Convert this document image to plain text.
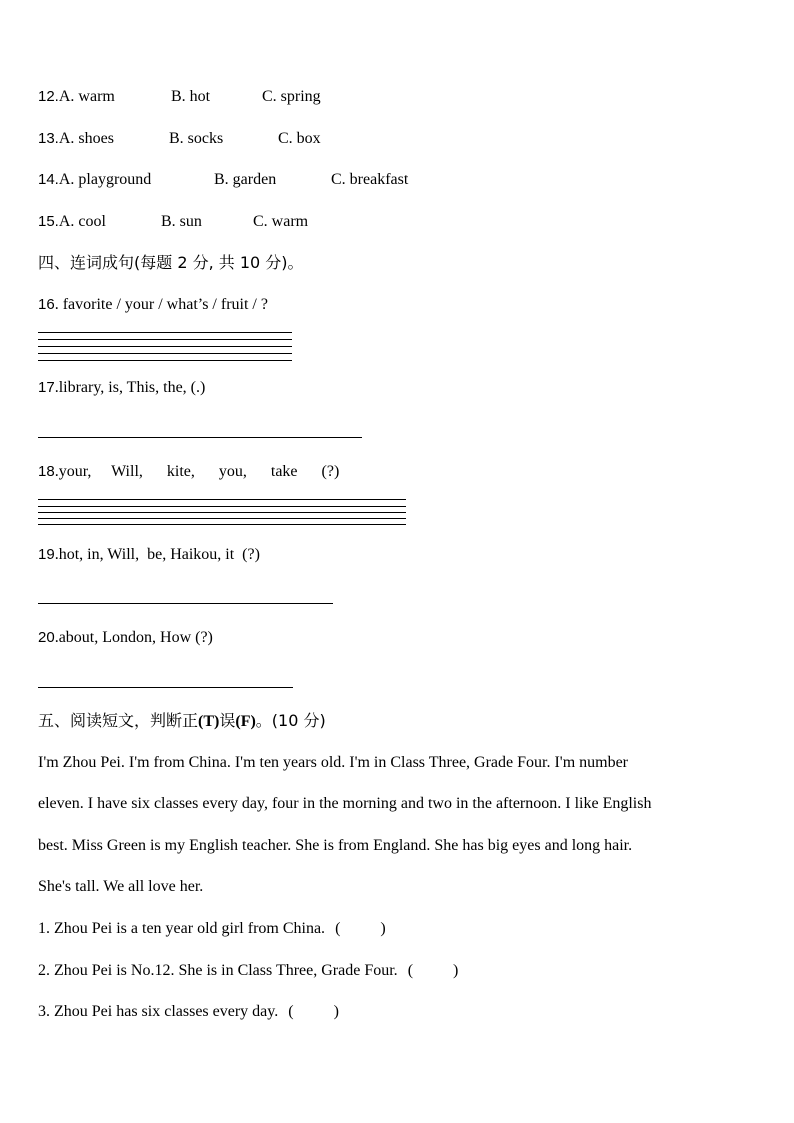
12.A. warm	B. hot	C. spring
13.A. shoes	B. socks	C. box
14.A. playground	B. garden	C. breakfast
15.A. cool	B. sun	C. warm
四、连词成句(每题 2 分, 共 10 分)。
16. favorite / your / what’s / fruit / ?
17.library, is, This, the, (.)
18.your,     Will,      kite,      you,      take      (?)
19.hot, in, Will,  be, Haikou, it  (?)
20.about, London, How (?)
五、阅读短文，判断正(T)误(F)。(10 分)
I'm Zhou Pei. I'm from China. I'm ten years old. I'm in Class Three, Grade Four. I'm number
eleven. I have six classes every day, four in the morning and two in the afternoon. I like English
best. Miss Green is my English teacher. She is from England. She has big eyes and long hair.
She's tall. We all love her.
1. Zhou Pei is a ten year old girl from China. (          )
2. Zhou Pei is No.12. She is in Class Three, Grade Four. (          )
3. Zhou Pei has six classes every day. (          )
